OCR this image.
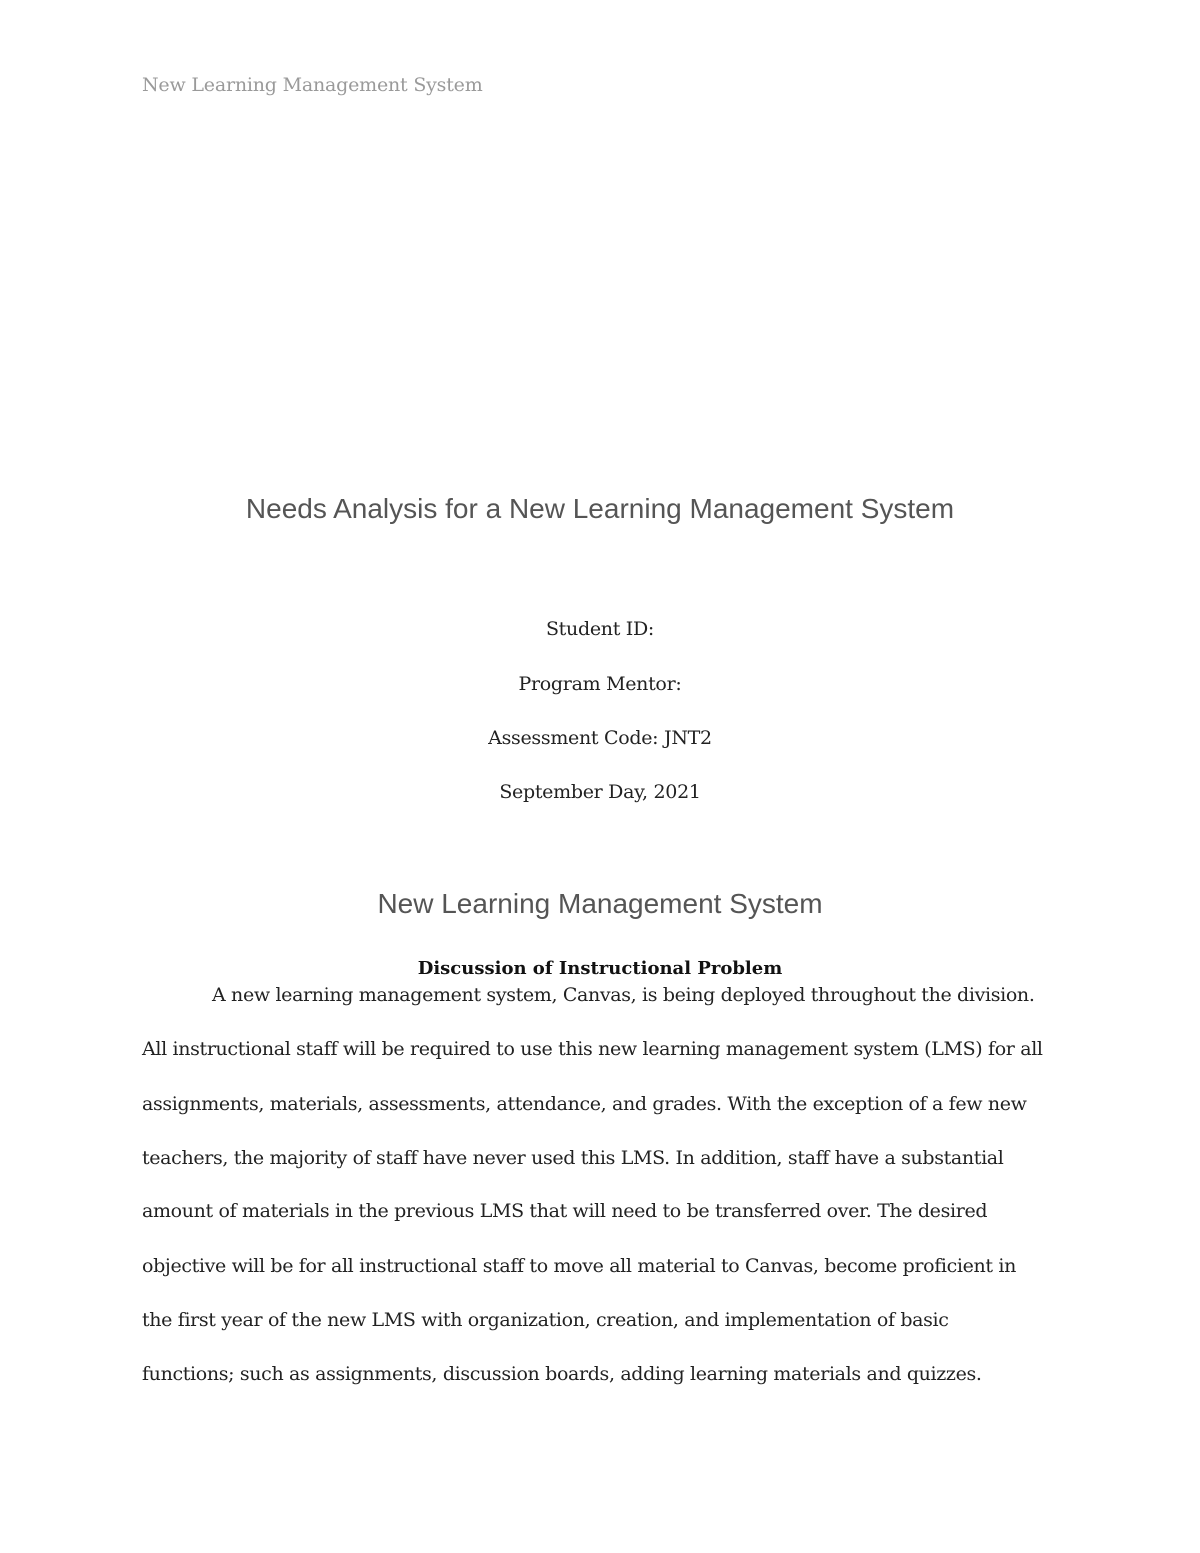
New Learning Management System
Needs Analysis for a New Learning Management System
Student ID:
Program Mentor:
Assessment Code: JNT2
September Day, 2021
New Learning Management System
Discussion of Instructional Problem
A new learning management system, Canvas, is being deployed throughout the division.
All instructional staff will be required to use this new learning management system (LMS) for all
assignments, materials, assessments, attendance, and grades. With the exception of a few new
teachers, the majority of staff have never used this LMS. In addition, staff have a substantial
amount of materials in the previous LMS that will need to be transferred over. The desired
objective will be for all instructional staff to move all material to Canvas, become proficient in
the first year of the new LMS with organization, creation, and implementation of basic
functions; such as assignments, discussion boards, adding learning materials and quizzes.
